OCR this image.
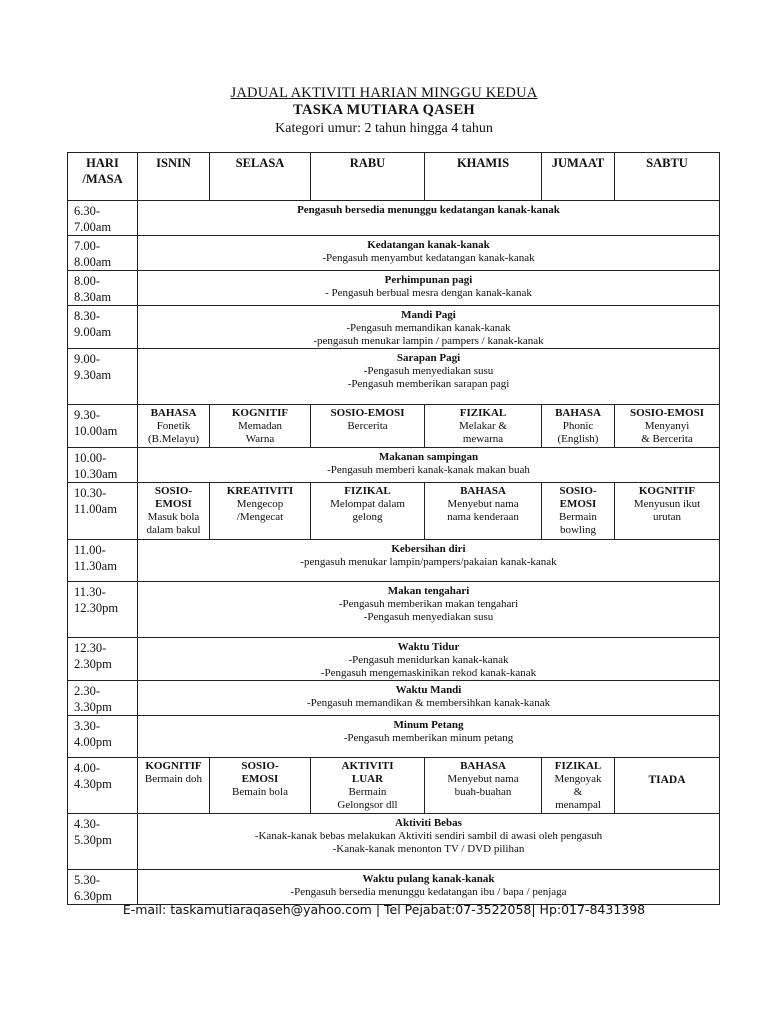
JADUAL AKTIVITI HARIAN MINGGU KEDUA
TASKA MUTIARA QASEH
Kategori umur: 2 tahun hingga 4 tahun
HARI /MASA	ISNIN	SELASA	RABU	KHAMIS	JUMAAT	SABTU
6.30-7.00am	Pengasuh bersedia menunggu kedatangan kanak-kanak					

7.00-8.00am	Kedatangan kanak-kanak
-Pengasuh menyambut kedatangan kanak-kanak					

8.00-8.30am	Perhimpunan pagi
- Pengasuh berbual mesra dengan kanak-kanak					

8.30-9.00am	Mandi Pagi
-Pengasuh memandikan kanak-kanak
-pengasuh menukar lampin / pampers / kanak-kanak					

9.00-9.30am	Sarapan Pagi
-Pengasuh menyediakan susu
-Pengasuh memberikan sarapan pagi					

9.30-10.00am	BAHASA
Fonetik
(B.Melayu)	KOGNITIF
Memadan
Warna	SOSIO-EMOSI
Bercerita	FIZIKAL
Melakar &
mewarna	BAHASA
Phonic
(English)	SOSIO-EMOSI
Menyanyi
& Bercerita

10.00-10.30am	Makanan sampingan
-Pengasuh memberi kanak-kanak makan buah					

10.30-11.00am	SOSIO-
EMOSI
Masuk bola
dalam bakul	KREATIVITI
Mengecop
/Mengecat	FIZIKAL
Melompat dalam
gelong	BAHASA
Menyebut nama
nama kenderaan	SOSIO-
EMOSI
Bermain
bowling	KOGNITIF
Menyusun ikut
urutan

11.00-11.30am	Kebersihan diri
-pengasuh menukar lampin/pampers/pakaian kanak-kanak					

11.30-12.30pm	Makan tengahari
-Pengasuh memberikan makan tengahari
-Pengasuh menyediakan susu					

12.30-2.30pm	Waktu Tidur
-Pengasuh menidurkan kanak-kanak
-Pengasuh mengemaskinikan rekod kanak-kanak					

2.30-3.30pm	Waktu Mandi
-Pengasuh memandikan & membersihkan kanak-kanak					

3.30-4.00pm	Minum Petang
-Pengasuh memberikan minum petang					

4.00-4.30pm	KOGNITIF
Bermain doh	SOSIO-
EMOSI
Bemain bola	AKTIVITI
LUAR
Bermain
Gelongsor dll	BAHASA
Menyebut nama
buah-buahan	FIZIKAL
Mengoyak
&
menampal	TIADA

4.30-5.30pm	Aktiviti Bebas
-Kanak-kanak bebas melakukan Aktiviti sendiri sambil di awasi oleh pengasuh
-Kanak-kanak menonton TV / DVD pilihan					

5.30-6.30pm	Waktu pulang kanak-kanak
-Pengasuh bersedia menunggu kedatangan ibu / bapa / penjaga					
E-mail: taskamutiaraqaseh@yahoo.com | Tel Pejabat:07-3522058| Hp:017-8431398
